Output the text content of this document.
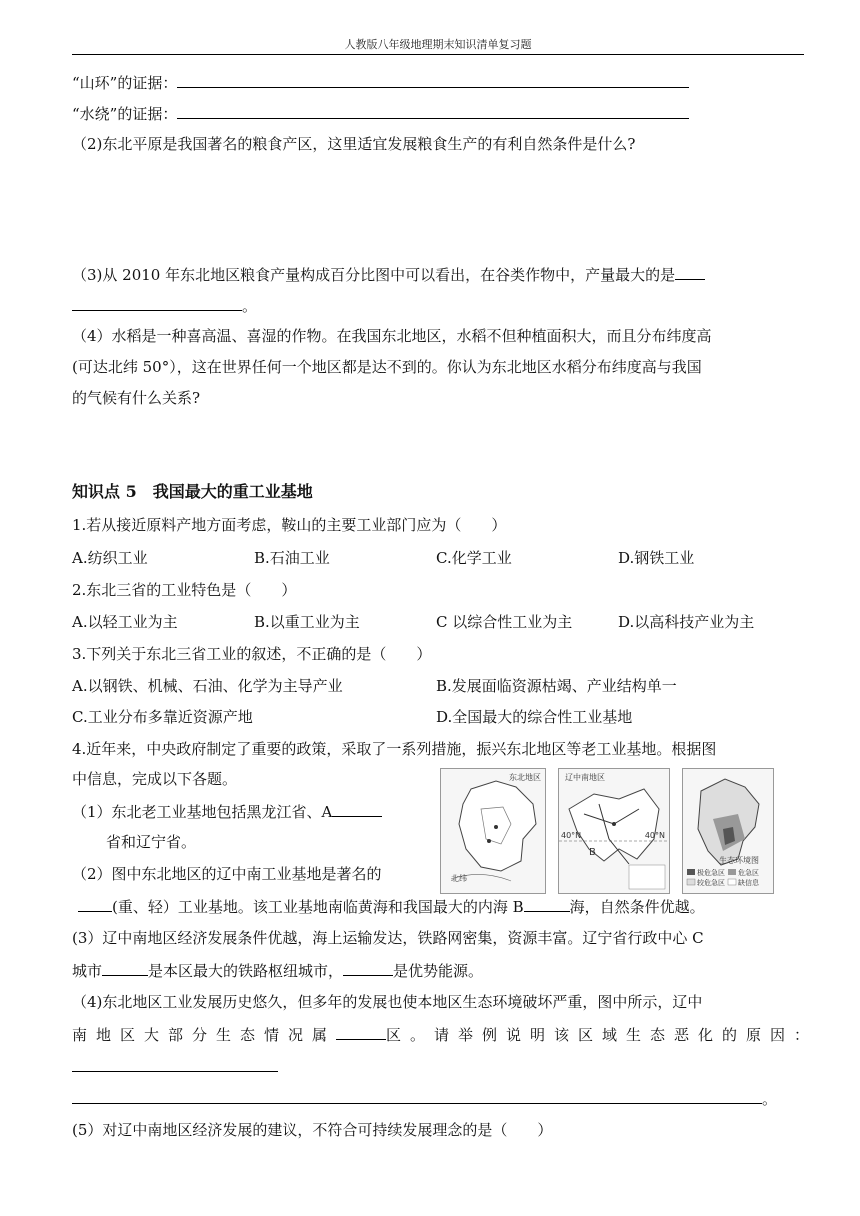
人教版八年级地理期末知识清单复习题
“山环”的证据：
“水绕”的证据：
（2)东北平原是我国著名的粮食产区，这里适宜发展粮食生产的有利自然条件是什么?
（3)从 2010 年东北地区粮食产量构成百分比图中可以看出，在谷类作物中，产量最大的是
。
（4）水稻是一种喜高温、喜湿的作物。在我国东北地区，水稻不但种植面积大，而且分布纬度高
(可达北纬 50°），这在世界任何一个地区都是达不到的。你认为东北地区水稻分布纬度高与我国
的气候有什么关系?
知识点 5　我国最大的重工业基地
1.若从接近原料产地方面考虑，鞍山的主要工业部门应为（　　）
A.纺织工业	B.石油工业	C.化学工业	D.钢铁工业
2.东北三省的工业特色是（　　）
A.以轻工业为主	B.以重工业为主	C 以综合性工业为主	D.以高科技产业为主
3.下列关于东北三省工业的叙述，不正确的是（　　）
A.以钢铁、机械、石油、化学为主导产业	B.发展面临资源枯竭、产业结构单一
C.工业分布多靠近资源产地	D.全国最大的综合性工业基地
4.近年来，中央政府制定了重要的政策，采取了一系列措施，振兴东北地区等老工业基地。根据图
中信息，完成以下各题。
（1）东北老工业基地包括黑龙江省、A
省和辽宁省。
（2）图中东北地区的辽中南工业基地是著名的
(重、轻）工业基地。该工业基地南临黄海和我国最大的内海 B	海，自然条件优越。
(3）辽中南地区经济发展条件优越，海上运输发达，铁路网密集，资源丰富。辽宁省行政中心 C
城市	是本区最大的铁路枢纽城市，	是优势能源。
（4)东北地区工业发展历史悠久，但多年的发展也使本地区生态环境破坏严重，图中所示，辽中
南地区大部分生态情况属	区。请举例说明该区域生态恶化的原因：
。
(5）对辽中南地区经济发展的建议，不符合可持续发展理念的是（　　）
东北地区
北纬
辽中南地区
B
40°N	40°N
生态环境图
极危急区 危急区
较危急区 缺信息
